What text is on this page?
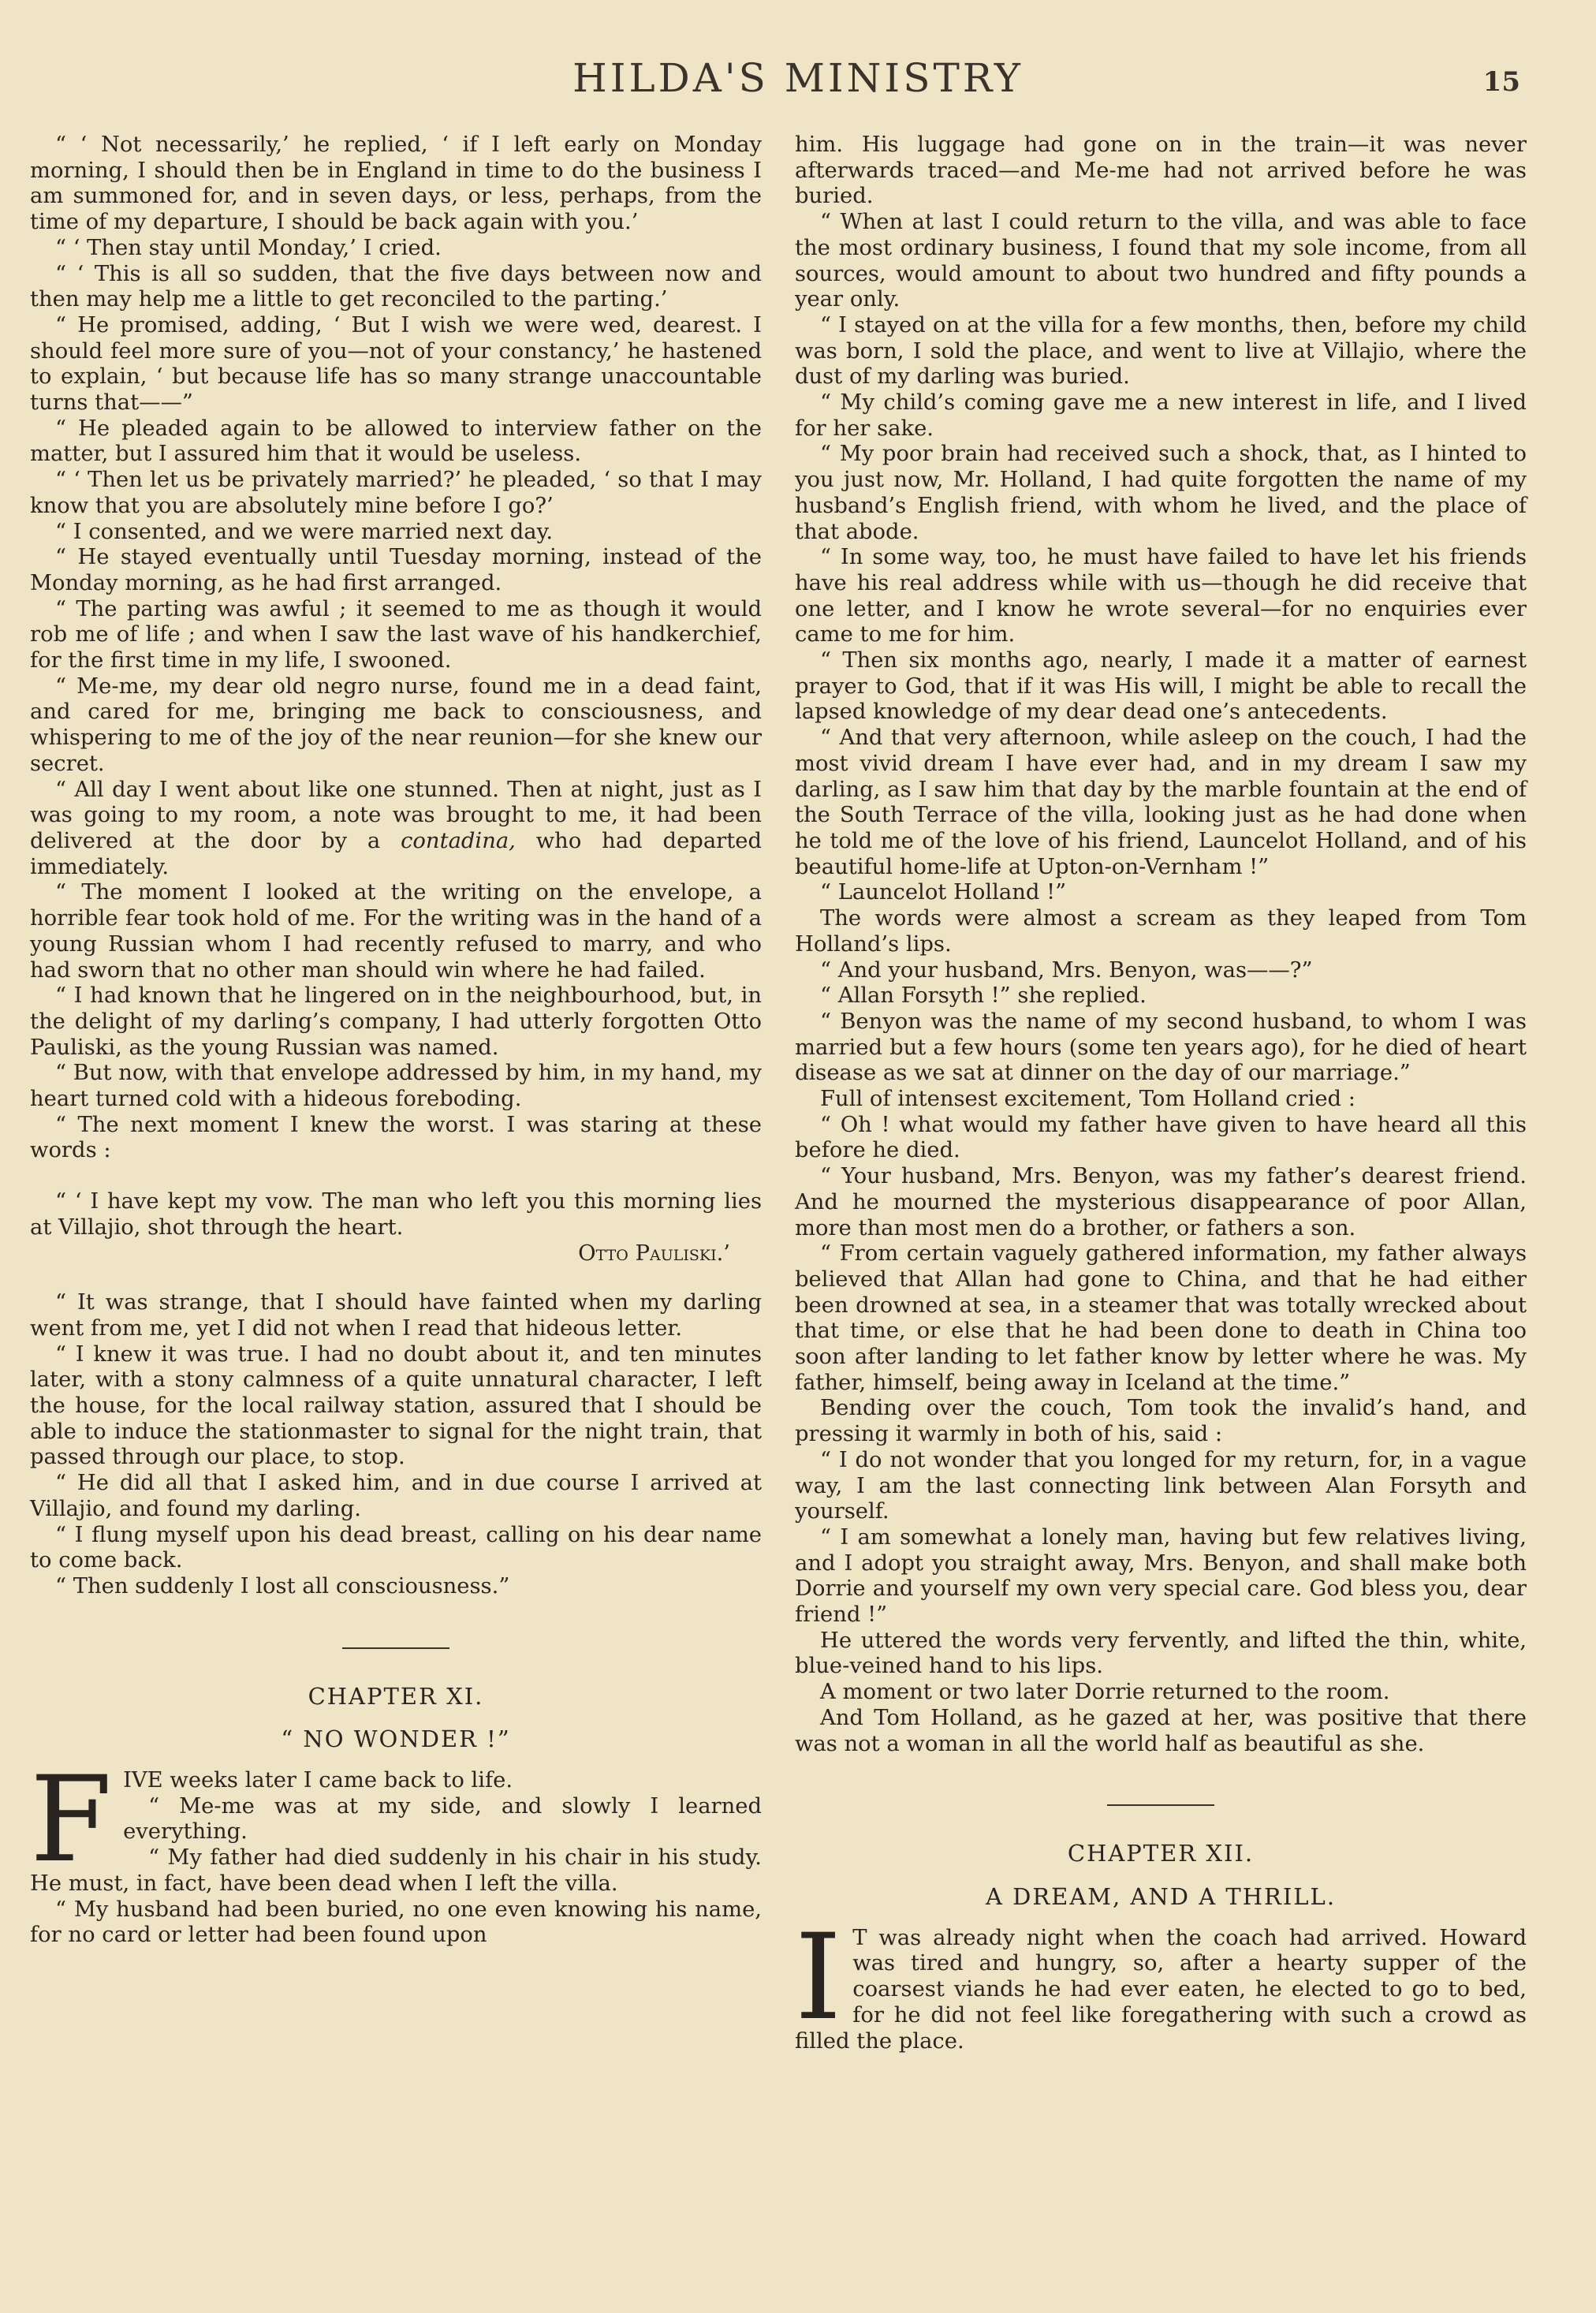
HILDA'S MINISTRY	15

“ ‘ Not necessarily,’ he replied, ‘ if I left early on Monday morning, I should then be in England in time to do the business I am summoned for, and in seven days, or less, perhaps, from the time of my departure, I should be back again with you.’

“ ‘ Then stay until Monday,’ I cried.

“ ‘ This is all so sudden, that the five days between now and then may help me a little to get reconciled to the parting.’

“ He promised, adding, ‘ But I wish we were wed, dearest. I should feel more sure of you—not of your constancy,’ he hastened to explain, ‘ but because life has so many strange unaccountable turns that——”

“ He pleaded again to be allowed to interview father on the matter, but I assured him that it would be useless.

“ ‘ Then let us be privately married?’ he pleaded, ‘ so that I may know that you are absolutely mine before I go?’

“ I consented, and we were married next day.

“ He stayed eventually until Tuesday morning, instead of the Monday morning, as he had first arranged.

“ The parting was awful ; it seemed to me as though it would rob me of life ; and when I saw the last wave of his handkerchief, for the first time in my life, I swooned.

“ Me-me, my dear old negro nurse, found me in a dead faint, and cared for me, bringing me back to consciousness, and whispering to me of the joy of the near reunion—for she knew our secret.

“ All day I went about like one stunned. Then at night, just as I was going to my room, a note was brought to me, it had been delivered at the door by a contadina, who had departed immediately.

“ The moment I looked at the writing on the envelope, a horrible fear took hold of me. For the writing was in the hand of a young Russian whom I had recently refused to marry, and who had sworn that no other man should win where he had failed.

“ I had known that he lingered on in the neighbourhood, but, in the delight of my darling’s company, I had utterly forgotten Otto Pauliski, as the young Russian was named.

“ But now, with that envelope addressed by him, in my hand, my heart turned cold with a hideous foreboding.

“ The next moment I knew the worst. I was staring at these words :

“ ‘ I have kept my vow. The man who left you this morning lies at Villajio, shot through the heart.

Otto Pauliski.’

“ It was strange, that I should have fainted when my darling went from me, yet I did not when I read that hideous letter.

“ I knew it was true. I had no doubt about it, and ten minutes later, with a stony calmness of a quite unnatural character, I left the house, for the local railway station, assured that I should be able to induce the stationmaster to signal for the night train, that passed through our place, to stop.

“ He did all that I asked him, and in due course I arrived at Villajio, and found my darling.

“ I flung myself upon his dead breast, calling on his dear name to come back.

“ Then suddenly I lost all consciousness.”

CHAPTER XI.
“ NO WONDER !”
F IVE weeks later I came back to life.

“ Me-me was at my side, and slowly I learned everything.

“ My father had died suddenly in his chair in his study. He must, in fact, have been dead when I left the villa.

“ My husband had been buried, no one even knowing his name, for no card or letter had been found upon

him. His luggage had gone on in the train—it was never afterwards traced—and Me-me had not arrived before he was buried.

“ When at last I could return to the villa, and was able to face the most ordinary business, I found that my sole income, from all sources, would amount to about two hundred and fifty pounds a year only.

“ I stayed on at the villa for a few months, then, before my child was born, I sold the place, and went to live at Villajio, where the dust of my darling was buried.

“ My child’s coming gave me a new interest in life, and I lived for her sake.

“ My poor brain had received such a shock, that, as I hinted to you just now, Mr. Holland, I had quite forgotten the name of my husband’s English friend, with whom he lived, and the place of that abode.

“ In some way, too, he must have failed to have let his friends have his real address while with us—though he did receive that one letter, and I know he wrote several—for no enquiries ever came to me for him.

“ Then six months ago, nearly, I made it a matter of earnest prayer to God, that if it was His will, I might be able to recall the lapsed knowledge of my dear dead one’s antecedents.

“ And that very afternoon, while asleep on the couch, I had the most vivid dream I have ever had, and in my dream I saw my darling, as I saw him that day by the marble fountain at the end of the South Terrace of the villa, looking just as he had done when he told me of the love of his friend, Launcelot Holland, and of his beautiful home-life at Upton-on-Vernham !”

“ Launcelot Holland !”

The words were almost a scream as they leaped from Tom Holland’s lips.

“ And your husband, Mrs. Benyon, was——?”

“ Allan Forsyth !” she replied.

“ Benyon was the name of my second husband, to whom I was married but a few hours (some ten years ago), for he died of heart disease as we sat at dinner on the day of our marriage.”

Full of intensest excitement, Tom Holland cried :

“ Oh ! what would my father have given to have heard all this before he died.

“ Your husband, Mrs. Benyon, was my father’s dearest friend. And he mourned the mysterious disappearance of poor Allan, more than most men do a brother, or fathers a son.

“ From certain vaguely gathered information, my father always believed that Allan had gone to China, and that he had either been drowned at sea, in a steamer that was totally wrecked about that time, or else that he had been done to death in China too soon after landing to let father know by letter where he was. My father, himself, being away in Iceland at the time.”

Bending over the couch, Tom took the invalid’s hand, and pressing it warmly in both of his, said :

“ I do not wonder that you longed for my return, for, in a vague way, I am the last connecting link between Alan Forsyth and yourself.

“ I am somewhat a lonely man, having but few relatives living, and I adopt you straight away, Mrs. Benyon, and shall make both Dorrie and yourself my own very special care. God bless you, dear friend !”

He uttered the words very fervently, and lifted the thin, white, blue-veined hand to his lips.

A moment or two later Dorrie returned to the room.

And Tom Holland, as he gazed at her, was positive that there was not a woman in all the world half as beautiful as she.

CHAPTER XII.
A DREAM, AND A THRILL.
I T was already night when the coach had arrived. Howard was tired and hungry, so, after a hearty supper of the coarsest viands he had ever eaten, he elected to go to bed, for he did not feel like foregathering with such a crowd as filled the place.
